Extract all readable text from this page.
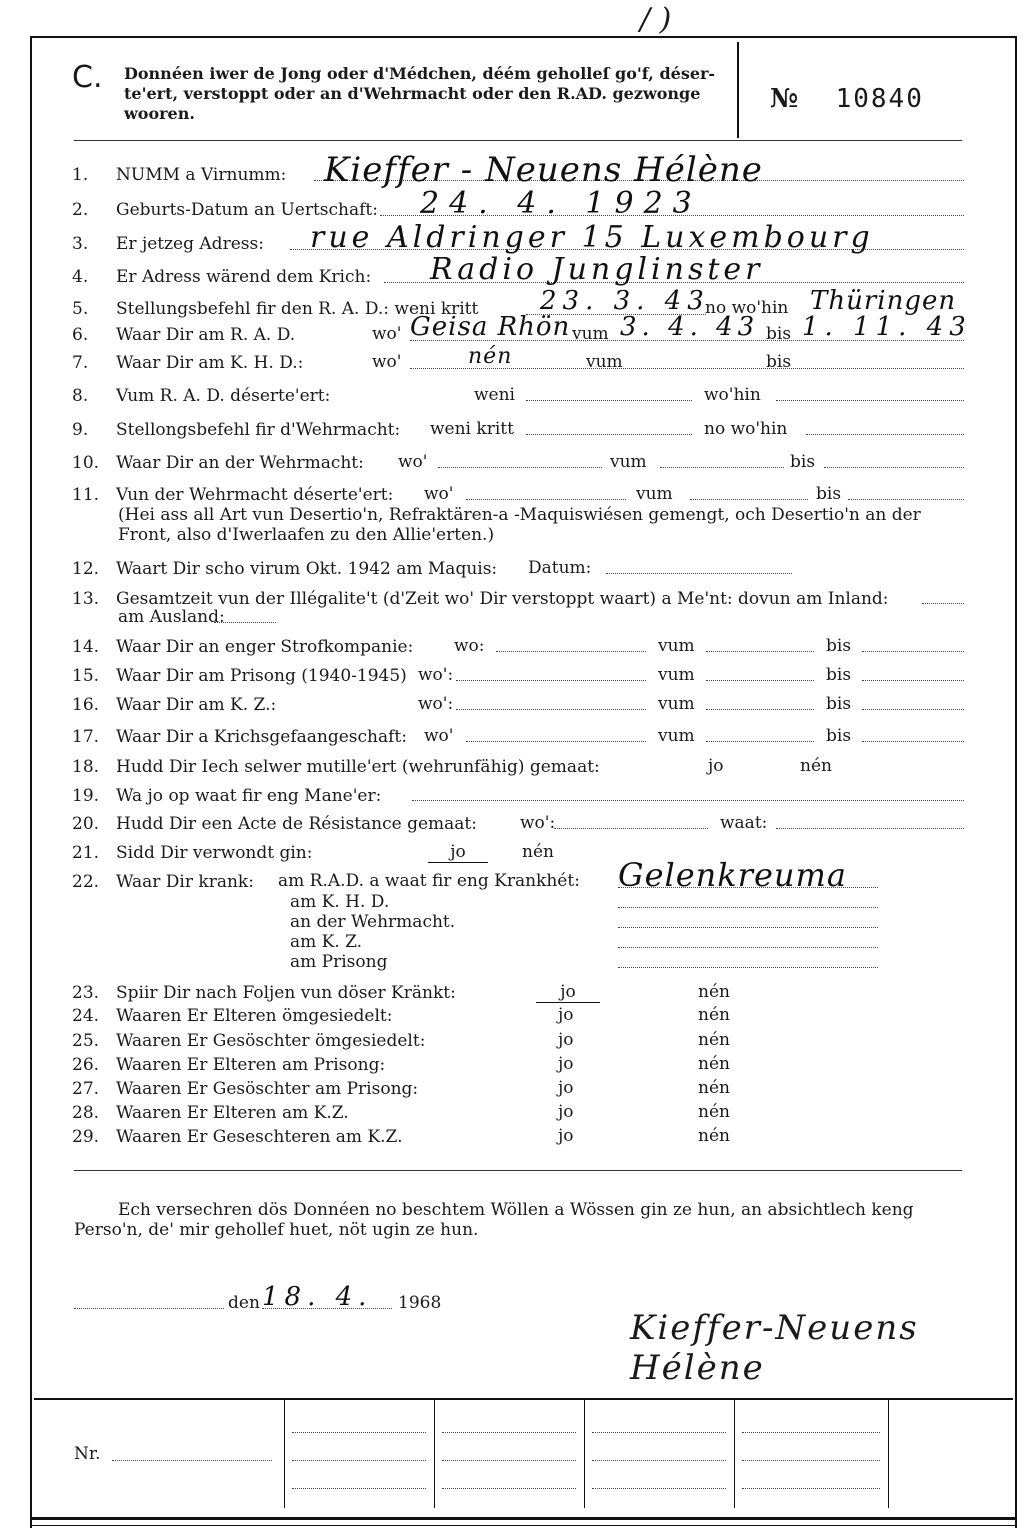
/ )
C. Donnéen iwer de Jong oder d'Médchen, déém geholleſ go'f, déser-
te'ert, verstoppt oder an d'Wehrmacht oder den R.AD. gezwonge
wooren.	№ 10840
1. NUMM a Virnumm: Kieffer - Neuens Hélène
2. Geburts-Datum an Uertschaft: 24. 4. 1923
3. Er jetzeg Adress: rue Aldringer 15 Luxembourg
4. Er Adress wärend dem Krich: Radio Junglinster
5. Stellungsbefehl fir den R. A. D.: weni kritt 23. 3. 43
no wo'hin Thüringen
6. Waar Dir am R. A. D.	wo' Geisa Rhön vum 3. 4. 43 bis 1. 11. 43
7. Waar Dir am K. H. D.:	wo'	nén	vum	bis
8. Vum R. A. D. déserte'ert:	weni	wo'hin
9. Stellongsbefehl fir d'Wehrmacht: weni kritt	no wo'hin
10. Waar Dir an der Wehrmacht: wo'	vum	bis
11. Vun der Wehrmacht déserte'ert: wo'	vum	bis
(Hei ass all Art vun Desertio'n, Refraktären-a -Maquiswiésen gemengt, och Desertio'n an der
Front, also d'Iwerlaafen zu den Allie'erten.)
12. Waart Dir scho virum Okt. 1942 am Maquis: Datum:
13. Gesamtzeit vun der Illégalite't (d'Zeit wo' Dir verstoppt waart) a Me'nt: dovun am Inland:
am Ausland:
14. Waar Dir an enger Strofkompanie: wo:	vum	bis
15. Waar Dir am Prisong (1940-1945) wo':	vum	bis
16. Waar Dir am K. Z.:	wo':	vum	bis
17. Waar Dir a Krichsgefaangeschaft: wo'	vum	bis
18. Hudd Dir Iech selwer mutille'ert (wehrunfähig) gemaat:	jo	nén
19. Wa jo op waat fir eng Mane'er:
20. Hudd Dir een Acte de Résistance gemaat:	wo':	waat:
21. Sidd Dir verwondt gin:	jo	nén
22. Waar Dir krank: am R.A.D. a waat fir eng Krankhét: Gelenkreuma
am K. H. D.
an der Wehrmacht.
am K. Z.
am Prisong
23. Spiir Dir nach Foljen vun döser Kränkt:	jo	nén
24. Waaren Er Elteren ömgesiedelt:	jo	nén
25. Waaren Er Gesöschter ömgesiedelt:	jo	nén
26. Waaren Er Elteren am Prisong:	jo	nén
27. Waaren Er Gesöschter am Prisong:	jo	nén
28. Waaren Er Elteren am K.Z.	jo	nén
29. Waaren Er Geseschteren am K.Z.	jo	nén
Ech versechren dös Donnéen no beschtem Wöllen a Wössen gin ze hun, an absichtlech keng
Perso'n, de' mir gehollef huet, nöt ugin ze hun.
den 18. 4. 1968
Kieffer-Neuens Hélène
Nr.
